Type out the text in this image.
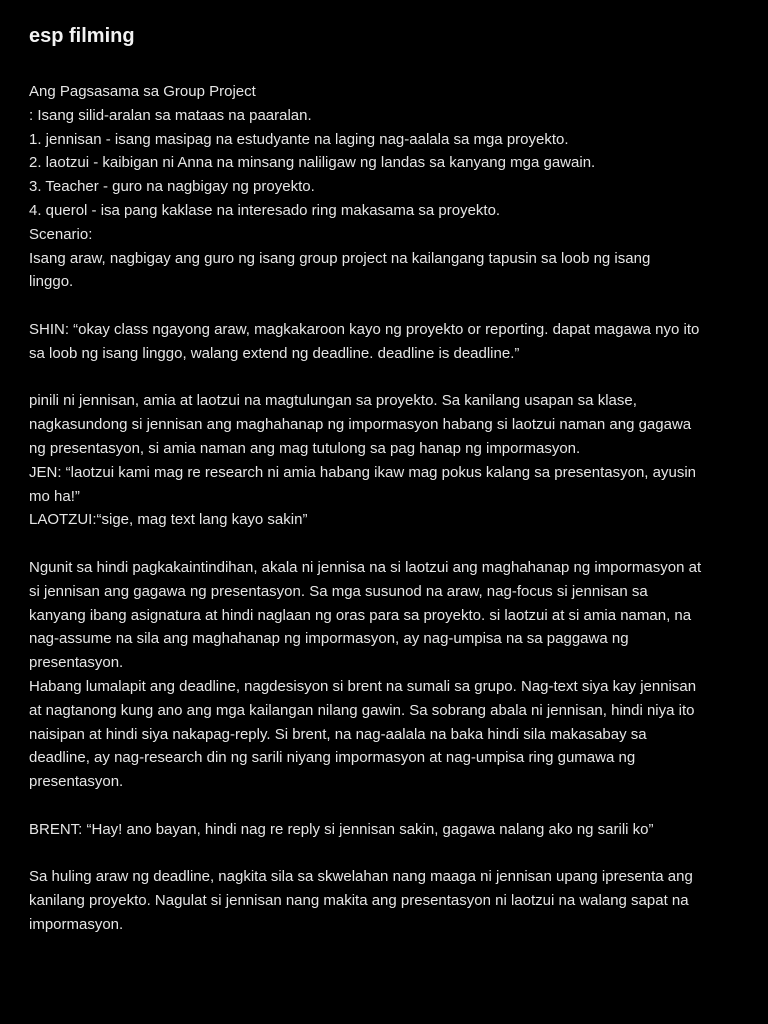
esp filming
Ang Pagsasama sa Group Project
: Isang silid-aralan sa mataas na paaralan.
1. jennisan - isang masipag na estudyante na laging nag-aalala sa mga proyekto.
2. laotzui - kaibigan ni Anna na minsang naliligaw ng landas sa kanyang mga gawain.
3. Teacher - guro na nagbigay ng proyekto.
4. querol - isa pang kaklase na interesado ring makasama sa proyekto.
Scenario:
Isang araw, nagbigay ang guro ng isang group project na kailangang tapusin sa loob ng isang
linggo.
SHIN: “okay class ngayong araw, magkakaroon kayo ng proyekto or reporting. dapat magawa nyo ito
sa loob ng isang linggo, walang extend ng deadline. deadline is deadline.”
pinili ni jennisan, amia at laotzui na magtulungan sa proyekto. Sa kanilang usapan sa klase,
nagkasundong si jennisan ang maghahanap ng impormasyon habang si laotzui naman ang gagawa
ng presentasyon, si amia naman ang mag tutulong sa pag hanap ng impormasyon.
JEN: “laotzui kami mag re research ni amia habang ikaw mag pokus kalang sa presentasyon, ayusin
mo ha!”
LAOTZUI:“sige, mag text lang kayo sakin”
Ngunit sa hindi pagkakaintindihan, akala ni jennisa na si laotzui ang maghahanap ng impormasyon at
si jennisan ang gagawa ng presentasyon. Sa mga susunod na araw, nag-focus si jennisan sa
kanyang ibang asignatura at hindi naglaan ng oras para sa proyekto. si laotzui at si amia naman, na
nag-assume na sila ang maghahanap ng impormasyon, ay nag-umpisa na sa paggawa ng
presentasyon.
Habang lumalapit ang deadline, nagdesisyon si brent na sumali sa grupo. Nag-text siya kay jennisan
at nagtanong kung ano ang mga kailangan nilang gawin. Sa sobrang abala ni jennisan, hindi niya ito
naisipan at hindi siya nakapag-reply. Si brent, na nag-aalala na baka hindi sila makasabay sa
deadline, ay nag-research din ng sarili niyang impormasyon at nag-umpisa ring gumawa ng
presentasyon.
BRENT: “Hay! ano bayan, hindi nag re reply si jennisan sakin, gagawa nalang ako ng sarili ko”
Sa huling araw ng deadline, nagkita sila sa skwelahan nang maaga ni jennisan upang ipresenta ang
kanilang proyekto. Nagulat si jennisan nang makita ang presentasyon ni laotzui na walang sapat na
impormasyon.
